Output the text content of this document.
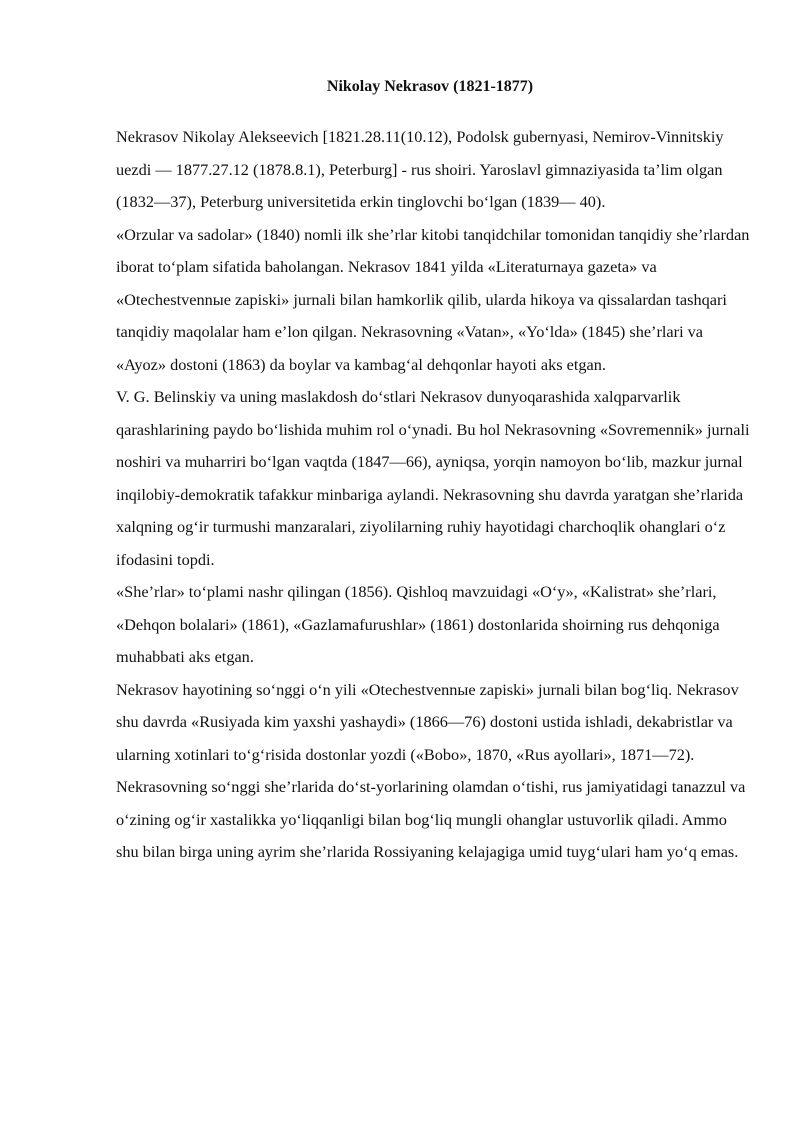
Nikolay Nekrasov (1821-1877)

Nekrasov Nikolay Alekseevich [1821.28.11(10.12), Podolsk gubernyasi, Nemirov-Vinnitskiy uezdi — 1877.27.12 (1878.8.1), Peterburg] - rus shoiri. Yaroslavl gimnaziyasida ta’lim olgan (1832—37), Peterburg universitetida erkin tinglovchi bo‘lgan (1839— 40).

«Orzular va sadolar» (1840) nomli ilk she’rlar kitobi tanqidchilar tomonidan tanqidiy she’rlardan iborat to‘plam sifatida baholangan. Nekrasov 1841 yilda «Literaturnaya gazeta» va «Otechestvennыe zapiski» jurnali bilan hamkorlik qilib, ularda hikoya va qissalardan tashqari tanqidiy maqolalar ham e’lon qilgan. Nekrasovning «Vatan», «Yo‘lda» (1845) she’rlari va «Ayoz» dostoni (1863) da boylar va kambag‘al dehqonlar hayoti aks etgan.

V. G. Belinskiy va uning maslakdosh do‘stlari Nekrasov dunyoqarashida xalqparvarlik qarashlarining paydo bo‘lishida muhim rol o‘ynadi. Bu hol Nekrasovning «Sovremennik» jurnali noshiri va muharriri bo‘lgan vaqtda (1847—66), ayniqsa, yorqin namoyon bo‘lib, mazkur jurnal inqilobiy-demokratik tafakkur minbariga aylandi. Nekrasovning shu davrda yaratgan she’rlarida xalqning og‘ir turmushi manzaralari, ziyolilarning ruhiy hayotidagi charchoqlik ohanglari o‘z ifodasini topdi.

«She’rlar» to‘plami nashr qilingan (1856). Qishloq mavzuidagi «O‘y», «Kalistrat» she’rlari, «Dehqon bolalari» (1861), «Gazlamafurushlar» (1861) dostonlarida shoirning rus dehqoniga muhabbati aks etgan.

Nekrasov hayotining so‘nggi o‘n yili «Otechestvennыe zapiski» jurnali bilan bog‘liq. Nekrasov shu davrda «Rusiyada kim yaxshi yashaydi» (1866—76) dostoni ustida ishladi, dekabristlar va ularning xotinlari to‘g‘risida dostonlar yozdi («Bobo», 1870, «Rus ayollari», 1871—72).

Nekrasovning so‘nggi she’rlarida do‘st-yorlarining olamdan o‘tishi, rus jamiyatidagi tanazzul va o‘zining og‘ir xastalikka yo‘liqqanligi bilan bog‘liq mungli ohanglar ustuvorlik qiladi. Ammo shu bilan birga uning ayrim she’rlarida Rossiyaning kelajagiga umid tuyg‘ulari ham yo‘q emas.
